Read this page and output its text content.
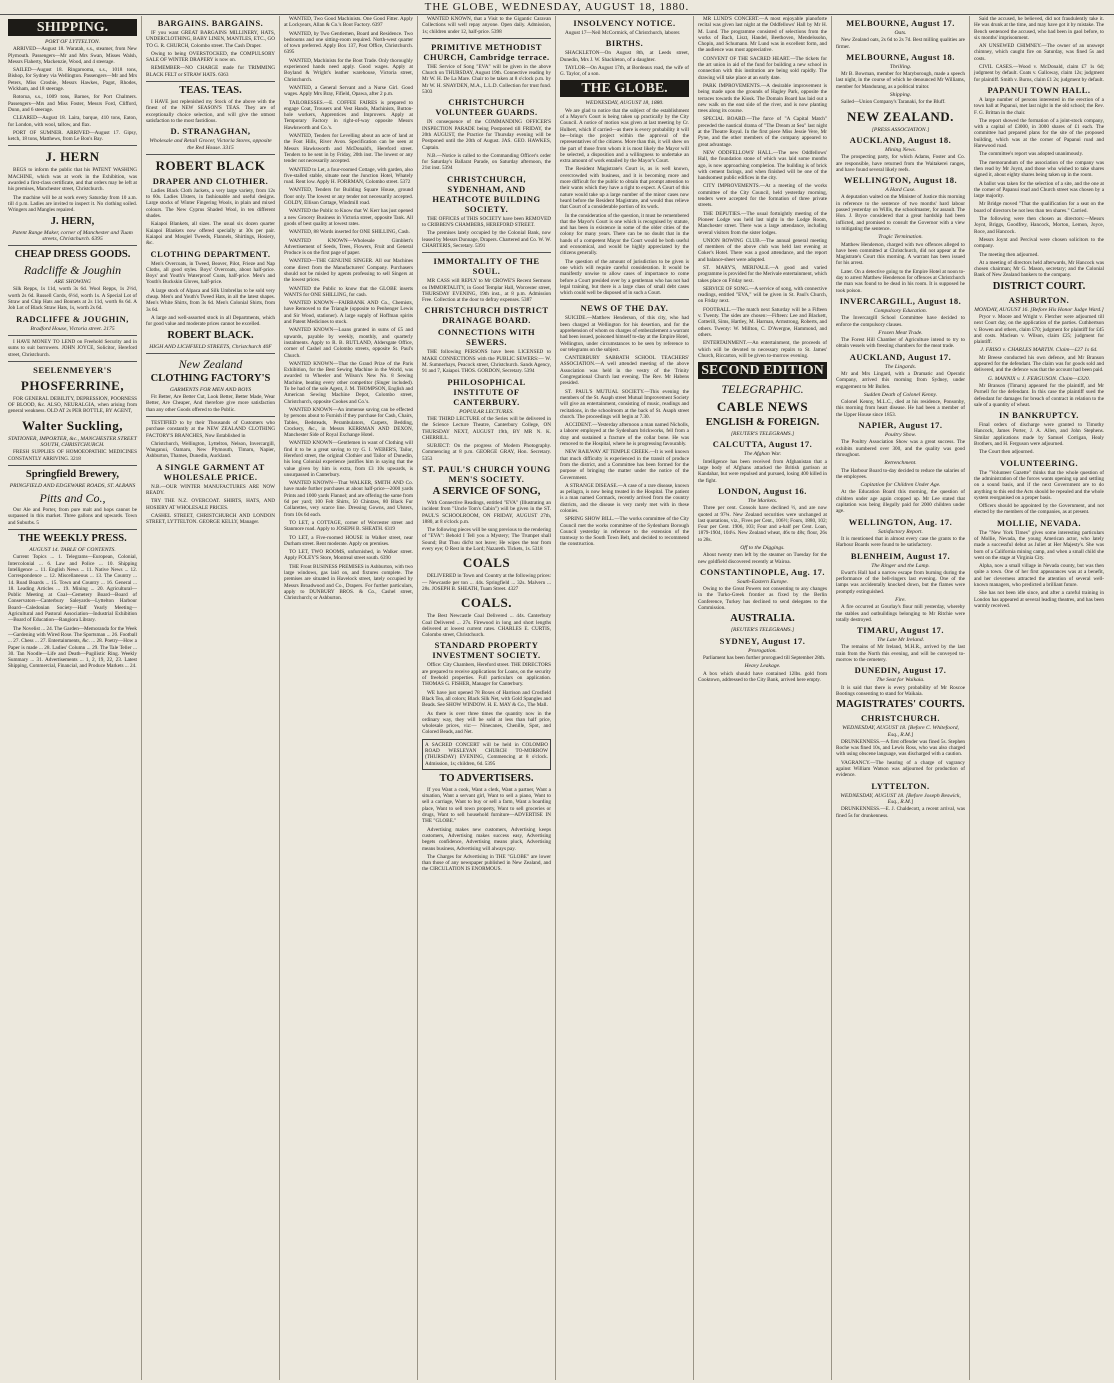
THE GLOBE, WEDNESDAY, AUGUST 18, 1880.
SHIPPING.
PORT OF LYTTELTON.

ARRIVED—August 18. Waratah, s.s., steamer, from New Plymouth. Passengers—Mr and Mrs Swan, Misses Walsh, Messrs Flaherty, Mackenzie, Wood, and 4 steerage.

SAILED—August 18. Ringarooma, s.s., 1018 tons, Bishop, for Sydney via Wellington. Passengers—Mr and Mrs Peters, Miss Crosbie, Messrs Hawkes, Pagot, Rhodes, Wickham, and 18 steerage.

Rotorua, s.s., 1009 tons, Barnes, for Port Chalmers. Passengers—Mrs and Miss Foster, Messrs Ford, Clifford, Dunn, and 6 steerage.

CLEARED—August 18. Laira, barque, 410 tons, Eaton, for London, with wool, tallow, and flax.

PORT OF SUMNER. ARRIVED—August 17. Gipsy, ketch, 18 tons, Matthews, from Le Bon's Bay.

J. HERN

BEGS to inform the public that his PATENT WASHING MACHINE, which was at work in the Exhibition, was awarded a first-class certificate, and that orders may be left at his premises, Manchester street, Christchurch.

The machine will be at work every Saturday from 10 a.m. till 4 p.m. Ladies are invited to inspect it. No clothing soiled. Wringers and Mangles repaired.

J. HERN,
Patent Range Maker, corner of Manchester and Tuam streets, Christchurch. 6395
CHEAP DRESS GOODS.
Radcliffe & Joughin
ARE SHOWING

Silk Repps, 1s 11d, worth 3s 6d. Wool Repps, 1s 2½d, worth 2s 6d. Russell Cords, 6½d, worth 1s. A Special Lot of Straw and Chip Hats and Bonnets at 2s 11d, worth 8s 6d. A Job Lot of Black Straw Hats, 1s, worth 2s 6d.

RADCLIFFE & JOUGHIN,
Bradford House, Victoria street. 2175

I HAVE MONEY TO LEND on Freehold Security and in sums to suit borrowers. JOHN JOYCE, Solicitor, Hereford street, Christchurch.

SEELENMEYER'S
PHOSFERRINE,

FOR GENERAL DEBILITY, DEPRESSION, POORNESS OF BLOOD, &c. ALSO, NEURALGIA, when arising from general weakness. OLD AT 2s PER BOTTLE, BY AGENT,

Walter Suckling,
STATIONER, IMPORTER, &c., MANCHESTER STREET SOUTH, CHRISTCHURCH.

FRESH SUPPLIES OF HOMOEOPATHIC MEDICINES CONSTANTLY ARRIVING. 3218

Springfield Brewery,
PRINGFIELD AND EDGEWARE ROADS, ST. ALBANS
Pitts and Co.,

Our Ale and Porter, from pure malt and hops cannot be surpassed in this market. Three gallons and upwards. Town and Suburbs. 5

THE WEEKLY PRESS.
AUGUST 14. TABLE OF CONTENTS.

Current Topics ... 1. Telegrams—European, Colonial, Intercolonial ... 6. Law and Police ... 10. Shipping Intelligence ... 11. English News ... 11. Native News ... 12. Correspondence ... 12. Miscellaneous ... 13. The Country ... 14. Road Boards ... 15. Town and Country ... 16. General ... 18. Leading Articles ... 19. Mining ... 20. Agricultural—Public Meeting at Coal—Cemetery Board—Board of Conservators—Canterbury Saleyards—Lyttelton Harbour Board—Caledonian Society—Half Yearly Meeting—Agricultural and Pastoral Association—Industrial Exhibition—Board of Education—Rangiora Library.

The Novelist ... 24. The Garden—Memoranda for the Week—Gardening with Wired Rose. The Sportsman ... 26. Football ... 27. Chess ... 27. Entertainments, &c. ... 28. Poetry—How a Paper is made ... 28. Ladies' Column ... 29. The Tale Teller ... 30. Tan Noodle—Life and Death—Pugilistic Ring. Weekly Summary ... 31. Advertisements ... 1, 2, 19, 22, 23. Latest Shipping, Commercial, Financial, and Produce Markets ... 24.

BARGAINS. BARGAINS.

IF you want GREAT BARGAINS MILLINERY, HATS, UNDERCLOTHING, BABY LINEN, MANTLES, ETC., GO TO G. R. CHURCH, Colombo street. The Cash Draper.

Owing to being OVERSTOCKED, the COMPULSORY SALE OF WINTER DRAPERY is now on.

REMEMBER—NO CHARGE made for TRIMMING BLACK FELT or STRAW HATS. 6363

TEAS. TEAS.

I HAVE just replenished my Stock of the above with the finest of the NEW SEASON'S TEAS. They are of exceptionally choice selection, and will give the utmost satisfaction to the most fastidious.

D. STRANAGHAN,
Wholesale and Retail Grocer, Victoria Stores, opposite the Red House. 3315
ROBERT BLACK
DRAPER AND CLOTHIER.

Ladies Black Cloth Jackets, a very large variety, from 12s to 60s. Ladies Ulsters, in fashionable and useful designs. Large stocks of Winter Fingering Wools, in plain and mixed colours. The New Cyprus Shaded Wool, in ten different shades.

Kaiapoi Blankets, all sizes. The usual six dozen quarter Kaiapoi Blankets now offered specially at 30s per pair. Kaiapoi and Mosgiel Tweeds, Flannels, Shirtings, Hosiery, &c.

CLOTHING DEPARTMENT.

Men's Overcoats, in Tweed, Beaver, Pilot, Frieze and Nap Cloths, all good styles. Boys' Overcoats, about half-price. Boys' and Youth's Waterproof Coats, half-price. Men's and Youth's Buckskin Gloves, half-price.

A large stock of Alpaca and Silk Umbrellas to be sold very cheap. Men's and Youth's Tweed Hats, in all the latest shapes. Men's White Shirts, from 3s 6d. Men's Colonial Shirts, from 3s 6d.

A large and well-assorted stock in all Departments, which for good value and moderate prices cannot be excelled.

ROBERT BLACK.
HIGH AND LICHFIELD STREETS, Christchurch 40F
New Zealand
CLOTHING FACTORY'S
GARMENTS FOR MEN AND BOYS

Fit Better, Are Better Cut, Look Better, Better Made, Wear Better, Are Cheaper, And therefore give more satisfaction than any other Goods offered to the Public.

TESTIFIED to by their Thousands of Customers who purchase constantly at the NEW ZEALAND CLOTHING FACTORY'S BRANCHES, Now Established in

Christchurch, Wellington, Lyttelton, Nelson, Invercargill, Wanganui, Oamaru, New Plymouth, Timaru, Napier, Ashburton, Thames, Dunedin, Auckland.

A SINGLE GARMENT AT WHOLESALE PRICE.

N.B.—OUR WINTER MANUFACTURES ARE NOW READY.

TRY THE N.Z. OVERCOAT. SHIRTS, HATS, AND HOSIERY AT WHOLESALE PRICES.

CASHEL STREET, CHRISTCHURCH AND LONDON STREET, LYTTELTON. GEORGE KELLY, Manager.

WANTED, Two Good Machinists. One Good Fitter. Apply at Lockyears, Allan & Co.'s Boot Factory. 6397

WANTED, by Two Gentlemen, Board and Residence. Two bedrooms and one sitting-room required. North-west quarter of town preferred. Apply Box 137, Post Office, Christchurch. 6395

WANTED, Machinists for the Boot Trade. Only thoroughly experienced hands need apply. Good wages. Apply at Boyland & Wright's leather warehouse, Victoria street, Christchurch.

WANTED, a General Servant and a Nurse Girl. Good wages. Apply Mrs Bray, Fifield, Opawa, after 2 p.m.

TAILORESSES.—E. COFFEE FAIRES is prepared to engage Coat, Trousers and Vest Hands, Machinists, Button-hole workers, Apprentices and Improvers. Apply at Temporary Factory in right-of-way opposite Messrs Hawksworth and Co.'s.

WANTED, Tenders for Levelling about an acre of land at the Foot Hills, River Avon. Specification can be seen at Messrs Hawksworth and McDonald's, Hereford street. Tenders to be sent in by Friday, 20th inst. The lowest or any tender not necessarily accepted.

WANTED to Let, a four-roomed Cottage, with garden, also five-stalled stable, situate near the Junction Hotel, Whately road. Rent low. Apply H. FORRMAN, Colombo street. 5372

WANTED, Tenders for Building Square House, ground floor only. The lowest or any tender not necessarily accepted. GOLDY, Ellison Cottage, Windmill road.

WANTED the Public to Know that W. Kerr has just opened a new Grocery Business in Victoria street, opposite Tank. All goods of best quality at lowest rates.

WANTED, 88 Words inserted for ONE SHILLING, Cash.

WANTED KNOWN—Wholesale Gimblett's Advertisement of Seeds, Trees, Flowers, Fruit and General Produce is on the first page of paper.

WANTED—THE GENUINE SINGER. All our Machines come direct from the Manufacturers' Company. Purchasers should not be misled by agents professing to sell Singers at the lowest prices.

WANTED the Public to know that the GLOBE inserts WANTS for ONE SHILLING, for cash.

WANTED KNOWN—FAIRBANK AND Co., Chemists, have Removed to the Triangle (opposite to Penhenger Lewis and Sir Wood, stationer). A large supply of Hoffman spirits and Patent Medicines to stock.

WANTED KNOWN—Loans granted in sums of £5 and upwards, payable by weekly, monthly, and quarterly instalments. Apply to R. B. RUTLAND, Aldersgate Office, corner of Cashel and Colombo streets, opposite St. Paul's Church.

WANTED KNOWN—That the Grand Prize of the Paris Exhibition, for the Best Sewing Machine in the World, was awarded to Wheeler and Wilson's New No. 8 Sewing Machine, beating every other competitor (Singer included). To be had of the sole Agent, J. M. THOMPSON, English and American Sewing Machine Depot, Colombo street, Christchurch, opposite Cookes and Co.'s.

WANTED KNOWN—An immense saving can be effected by persons about to Furnish if they purchase for Cash, Chairs, Tables, Bedsteads, Perambulators, Carpets, Bedding, Crockery, &c., in Messrs KERRMAN AND DEXON, Manchester Side of Royal Exchange Hotel.

WANTED KNOWN—Gentlemen in want of Clothing will find it to be a great saving to try G. I. WEBER'S, Tailor, Hereford street, the original Clothier and Tailor of Dunedin, his long Colonial experience justifies him in saying that the value given by him is extra, from £3 10s upwards, is unsurpassed in Canterbury.

WANTED KNOWN—That WALKER, SMITH AND Co. have made further purchases at about half-price—2000 yards Prints and 1000 yards Flannel; and are offering the same from 6d per yard; 100 Felt Shirts, 50 Chintzes, 80 Black Fur Collarettes, very scarce line. Dressing Gowns, and Ulsters, from 10s 6d each.

TO LET, a COTTAGE, corner of Worcester street and Stanmore road. Apply to JOSEPH B. SHEATH. 6319

TO LET, a Five-roomed HOUSE in Walker street, near Durham street. Rent moderate. Apply on premises.

TO LET, TWO ROOMS, unfurnished, in Walker street. Apply FOLEY'S Store, Montreal street south. 6390

THE Front BUSINESS PREMISES in Ashburton, with two large windows, gas laid on, and fixtures complete. The premises are situated in Havelock street, lately occupied by Messrs Broadwood and Co., Drapers. For further particulars, apply to DUNBURY BROS. & Co., Cashel street, Christchurch; or Ashburton.

WANTED KNOWN, that a Visit to the Gigantic Caravan Collections will well repay anyone. Open daily. Admission, 1s; children under 12, half-price. 5398

PRIMITIVE METHODIST CHURCH, Cambridge terrace.

THE Service of Song "EVA" will be given in the above Church on THURSDAY, August 19th. Connective reading by Mr W. H. De La Mare. Chair to be taken at 8 o'clock p.m. by Mr W. H. SNAYDEN, M.A., L.L.D. Collection for trust fund. 5303

CHRISTCHURCH VOLUNTEER GUARDS.

IN consequence of the COMMANDING OFFICER'S INSPECTION PARADE being Postponed till FRIDAY, the 20th AUGUST, the Practice for Thursday evening will be Postponed until the 20th of August. JAS. GEO. HAWKES, Captain.

N.B.—Notice is called to the Commanding Officer's order for Saturday's Ballarat Parade, on Saturday afternoon, the 21st inst. 5394

CHRISTCHURCH, SYDENHAM, AND HEATHCOTE BUILDING SOCIETY.

THE OFFICES of THIS SOCIETY have been REMOVED to CRIBBEN'S CHAMBERS, HEREFORD STREET.

The premises lately occupied by the Colonial Bank, now leased by Messrs Dunnage, Drapers. Chartered and Co. W. W. CHARTERIS, Secretary. 5391

IMMORTALITY OF THE SOUL.

MR CASS will REPLY to Mr CROWE'S Recent Sermons on IMMORTALITY, in Good Templar Hall, Worcester street, THURSDAY EVENING, 19th inst., at 8 p.m. Admission Free. Collection at the door to defray expenses. 5387

CHRISTCHURCH DISTRICT DRAINAGE BOARD.
CONNECTIONS WITH SEWERS.

THE following PERSONS have been LICENSED to MAKE CONNECTIONS with the PUBLIC SEWERS:— W. M. Sumnerhays, Peacock street, Christchurch. Sands Agency, 91 and 7, Kaiapoi. THOS. GORDON, Secretary. 5394

PHILOSOPHICAL INSTITUTE OF CANTERBURY.
POPULAR LECTURES.

THE THIRD LECTURE of the Series will be delivered in the Science Lecture Theatre, Canterbury College, ON THURSDAY NEXT, AUGUST 19th, BY MR N. K. CHERRILL.

SUBJECT: On the progress of Modern Photography. Commencing at 8 p.m. GEORGE GRAY, Hon. Secretary. 5353

ST. PAUL'S CHURCH YOUNG MEN'S SOCIETY.
A SERVICE OF SONG,

With Connective Readings, entitled "EVA" (Illustrating an incident from "Uncle Tom's Cabin") will be given in the ST. PAUL'S SCHOOLROOM, ON FRIDAY, AUGUST 27th, 1880, at 8 o'clock p.m.

The following pieces will be sung previous to the rendering of "EVA": Behold I Tell you a Mystery; The Trumpet shall Sound; But Thou did'st not leave; He wipes the tear from every eye; O Rest in the Lord; Nazareth. Tickets, 1s. 5318

COALS

DELIVERED in Town and Country at the following prices:— Newcastle per ton ... 44s. Springfield ... 32s. Malvern ... 28s. JOSEPH B. SHEATH, Tuam Street. 4327

COALS.

The Best Newcastle Coal Delivered ... 44s. Canterbury Coal Delivered ... 27s. Firewood in long and short lengths delivered at lowest current rates. CHARLES E. CURTIS, Colombo street, Christchurch.

STANDARD PROPERTY INVESTMENT SOCIETY.

Office: City Chambers, Hereford street. THE DIRECTORS are prepared to receive applications for Loans, on the security of freehold properties. Full particulars on application. THOMAS G. FISHER, Manager for Canterbury.

WE have just opened 78 Boxes of Harrison and Crosfield Black Tea, all colors; Black Silk Net, with Gold Spangles and Beads. See SHOW WINDOW. H. E. MAY & Co., The Mall.

As there is over three times the quantity now in the ordinary way, they will be sold at less than half price, wholesale prices, viz:— Ninecanes, Chenille, Spot, and Colored Beads, and Net.

A SACRED CONCERT will be held in COLOMBO ROAD WESLEYAN CHURCH TO-MORROW (THURSDAY) EVENING, Commencing at 8 o'clock. Admission, 1s; children, 6d. 5395
TO ADVERTISERS.

If you Want a cook, Want a clerk, Want a partner, Want a situation, Want a servant girl, Want to sell a piano, Want to sell a carriage, Want to buy or sell a farm, Want a boarding place, Want to sell town property, Want to sell groceries or drugs, Want to sell household furniture—ADVERTISE IN THE "GLOBE."

Advertising makes new customers, Advertising keeps customers, Advertising makes success easy, Advertising begets confidence, Advertising means pluck, Advertising means business, Advertising will always pay.

The Charges for Advertising in THE "GLOBE" are lower than those of any newspaper published in New Zealand, and the CIRCULATION IS ENORMOUS.

INSOLVENCY NOTICE.

August 17—Neil McCormick, of Christchurch, laborer.

BIRTHS.

SHACKLETON—On August 8th, at Leeds street, Dunedin, Mrs J. W. Shackleton, of a daughter.

TAYLOR—On August 17th, at Bordeaux road, the wife of G. Taylor, of a son.

THE GLOBE.
WEDNESDAY, AUGUST 18, 1880.

We are glad to notice that the subject of the establishment of a Mayor's Court is being taken up practically by the City Council. A notice of motion was given at last meeting by Cr. Hulbert, which if carried—as there is every probability it will be—brings the project within the approval of the representatives of the citizens. More than this, it will shew on the part of those from whom it is most likely the Mayor will be selected, a disposition and a willingness to undertake an extra amount of work entailed by the Mayor's Court.

The Resident Magistrate's Court is, as is well known, overcrowded with business, and it is becoming more and more difficult for the public to obtain that prompt attention to their wants which they have a right to expect. A Court of this nature would take up a large number of the minor cases now heard before the Resident Magistrate, and would thus relieve that Court of a considerable portion of its work.

In the consideration of the question, it must be remembered that the Mayor's Court is one which is recognised by statute, and has been in existence in some of the older cities of the colony for many years. There can be no doubt that in the hands of a competent Mayor the Court would be both useful and economical, and would be highly appreciated by the citizens generally.

The question of the amount of jurisdiction to be given is one which will require careful consideration. It would be manifestly unwise to allow cases of importance to come before a Court presided over by a gentleman who has not had legal training, but there is a large class of small debt cases which could well be disposed of in such a Court.

NEWS OF THE DAY.

SUICIDE.—Matthew Henderson, of this city, who had been charged at Wellington for his desertion, and for the apprehension of whom on charges of embezzlement a warrant had been issued, poisoned himself to-day at the Empire Hotel, Wellington, under circumstances to be seen by reference to our telegrams on the subject.

CANTERBURY SABBATH SCHOOL TEACHERS' ASSOCIATION.—A well attended meeting of the above Association was held in the vestry of the Trinity Congregational Church last evening. The Rev. Mr Habens presided.

ST. PAUL'S MUTUAL SOCIETY.—This evening the members of the St. Asaph street Mutual Improvement Society will give an entertainment, consisting of music, readings and recitations, in the schoolroom at the back of St. Asaph street church. The proceedings will begin at 7.30.

ACCIDENT.—Yesterday afternoon a man named Nicholls, a laborer employed at the Sydenham brickworks, fell from a dray and sustained a fracture of the collar bone. He was removed to the Hospital, where he is progressing favourably.

NEW RAILWAY AT TEMPLE CREEK.—It is well known that much difficulty is experienced in the transit of produce from the district, and a Committee has been formed for the purpose of bringing the matter under the notice of the Government.

A STRANGE DISEASE.—A case of a rare disease, known as pellagra, is now being treated in the Hospital. The patient is a man named Cormack, recently arrived from the country districts, and the disease is very rarely met with in these colonies.

SPRING SHOW BILL.—The works committee of the City Council met the works committee of the Sydenham Borough Council yesterday in reference to the extension of the tramway to the South Town Belt, and decided to recommend the construction.

MR LUND'S CONCERT.—A most enjoyable pianoforte recital was given last night at the Oddfellows' Hall by Mr H. M. Lund. The programme consisted of selections from the works of Bach, Liszt, Handel, Beethoven, Mendelssohn, Chopin, and Schumann. Mr Lund was in excellent form, and the audience was most appreciative.

CONVENT OF THE SACRED HEART.—The tickets for the art union in aid of the fund for building a new school in connection with this institution are being sold rapidly. The drawing will take place at an early date.

PARK IMPROVEMENTS.—A desirable improvement is being made upon the grounds of Hagley Park, opposite the terraces towards the Kiosk. The Domain Board has laid out a new walk on the east side of the river, and is now planting trees along its course.

SPECIAL BOARD.—The farce of "A Capital Match" preceded the nautical drama of "The Dream at Sea" last night at the Theatre Royal. In the first piece Miss Jessie Vere, Mr Pyne, and the other members of the company appeared to great advantage.

NEW ODDFELLOWS' HALL.—The new Oddfellows' Hall, the foundation stone of which was laid some months ago, is now approaching completion. The building is of brick with cement facings, and when finished will be one of the handsomest public edifices in the city.

CITY IMPROVEMENTS.—At a meeting of the works committee of the City Council, held yesterday morning, tenders were accepted for the formation of three private streets.

THE DEPUTIES.—The usual fortnightly meeting of the Pioneer Lodge was held last night in the Lodge Room, Manchester street. There was a large attendance, including several visitors from the sister lodges.

UNION ROWING CLUB.—The annual general meeting of members of the above club was held last evening at Coker's Hotel. There was a good attendance, and the report and balance-sheet were adopted.

ST. MARY'S, MERIVALE.—A good and varied programme is provided for the Merivale entertainment, which takes place on Friday next.

SERVICE OF SONG.—A service of song, with connective readings, entitled "EVA," will be given in St. Paul's Church, on Friday next.

FOOTBALL.—The match next Saturday will be a Fifteen v. Twenty. The sides are chosen:—Fifteen: Lee and Blackett, Cotterill, Sims, Hartley, M. Harman, Armstrong, Roberts, and others. Twenty: W. Millton, C. D'Avergne, Hammond, and others.

ENTERTAINMENT.—An entertainment, the proceeds of which will be devoted to necessary repairs to St. James' Church, Riccarton, will be given to-morrow evening.

SECOND EDITION
TELEGRAPHIC.
CABLE NEWS
ENGLISH & FOREIGN.
[REUTER'S TELEGRAMS.]
CALCUTTA, August 17.
The Afghan War.

Intelligence has been received from Afghanistan that a large body of Afghans attacked the British garrison at Kandahar, but were repulsed and pursued, losing 400 killed in the fight.

LONDON, August 16.
The Markets.

Three per cent. Consols have declined ½, and are now quoted at 97¾. New Zealand securities were unchanged at last quotations, viz., Fives per Cent., 106½; Fours, 1880, 102; Four per Cent. 1906, 103; Four and a-half per Cent. Loan, 1879-1904, 104¼. New Zealand wheat, 46s to 48s; flour, 26s to 28s.

Off to the Diggings.

About twenty men left by the steamer on Tuesday for the new goldfield discovered recently at Wairoa.

CONSTANTINOPLE, Aug. 17.
South-Eastern Europe.

Owing to the Great Powers not consenting to any changes in the Turko-Greek frontier as fixed by the Berlin Conference, Turkey has declined to send delegates to the Commission.

AUSTRALIA.
[REUTER'S TELEGRAMS.]
SYDNEY, August 17.
Prorogation.

Parliament has been further prorogued till September 28th.

Heavy Leakage.

A box which should have contained 12lbs. gold from Cooktown, addressed to the City Bank, arrived here empty.

MELBOURNE, August 17.
Oats.

New Zealand oats, 2s 6d to 2s 7d. Best milling qualities are firmer.

MELBOURNE, August 18.
Thrilling.

Mr B. Bowman, member for Maryborough, made a speech last night, in the course of which he denounced Mr Williams, member for Mandurang, as a political traitor.

Shipping.

Sailed—Union Company's Taranaki, for the Bluff.

NEW ZEALAND.
[PRESS ASSOCIATION.]
AUCKLAND, August 18.
Mining News.

The prospecting party, for which Adams, Foster and Co. are responsible, have returned from the Waitakerei ranges, and have found several likely reefs.

WELLINGTON, August 18.
A Hard Case.

A deputation waited on the Minister of Justice this morning in reference to the sentence of two months' hard labour passed yesterday on Willis, the schoolmaster, for assault. The Hon. J. Bryce considered that a great hardship had been inflicted, and promised to consult the Governor with a view to mitigating the sentence.

Tragic Termination.

Matthew Henderson, charged with two offences alleged to have been committed at Christchurch, did not appear at the Magistrate's Court this morning. A warrant has been issued for his arrest.

Later. On a detective going to the Empire Hotel at noon to-day to arrest Matthew Henderson for offences at Christchurch the man was found to be dead in his room. It is supposed he took poison.

INVERCARGILL, August 18.
Compulsory Education.

The Invercargill School Committee have decided to enforce the compulsory clauses.

Frozen Meat Trade.

The Forest Hill Chamber of Agriculture intend to try to obtain vessels with freezing chambers for the meat trade.

AUCKLAND, August 17.
The Lingards.

Mr and Mrs Lingard, with a Dramatic and Operatic Company, arrived this morning from Sydney, under engagement to Mr Bullen.

Sudden Death of Colonel Kenny.

Colonel Kenny, M.L.C., died at his residence, Ponsonby, this morning from heart disease. He had been a member of the Upper House since 1853.

NAPIER, August 17.
Poultry Show.

The Poultry Association Show was a great success. The exhibits numbered over 300, and the quality was good throughout.

Retrenchment.

The Harbour Board to-day decided to reduce the salaries of the employees.

Capitation for Children Under Age.

At the Education Board this morning, the question of children under age again cropped up. Mr Lee stated that capitation was being illegally paid for 2000 children under age.

WELLINGTON, Aug. 17.
Satisfactory Report.

It is mentioned that in almost every case the grants to the Harbour Boards were found to be satisfactory.

BLENHEIM, August 17.
The Ringer and the Lamp.

Ewart's Hall had a narrow escape from burning during the performance of the bell-ringers last evening. One of the lamps was accidentally knocked down, but the flames were promptly extinguished.

Fire.

A fire occurred at Gourlay's flour mill yesterday, whereby the stables and outbuildings belonging to Mr Ritchie were totally destroyed.

TIMARU, August 17.
The Late Mr Ireland.

The remains of Mr Ireland, M.H.R., arrived by the last train from the North this evening, and will be conveyed to-morrow to the cemetery.

DUNEDIN, August 17.
The Seat for Waikaia.

It is said that there is every probability of Mr Roscoe Bootings consenting to stand for Waikaia.

MAGISTRATES' COURTS.
CHRISTCHURCH.
WEDNESDAY, AUGUST 18. [Before C. Whitefoord, Esq., R.M.]

DRUNKENNESS.—A first offender was fined 5s. Stephen Roche was fined 10s, and Lewis Ross, who was also charged with using obscene language, was discharged with a caution.

VAGRANCY.—The hearing of a charge of vagrancy against William Watson was adjourned for production of evidence.

LYTTELTON.
WEDNESDAY, AUGUST 18. [Before Joseph Beswick, Esq., R.M.]

DRUNKENNESS.—E. J. Chaldecott, a recent arrival, was fined 5s for drunkenness.

Said the accused, he believed, did not fraudulently take it. He was drunk at the time, and may have got it by mistake. The Bench sentenced the accused, who had been in gaol before, to six months' imprisonment.

AN UNSEWED CHIMNEY.—The owner of an unswept chimney, which caught fire on Saturday, was fined 5s and costs.

CIVIL CASES.—Wood v. McDonald, claim £7 1s 6d; judgment by default. Coats v. Galloway, claim 12s; judgment for plaintiff. Smith v. Burns, claim £1 2s; judgment by default.

PAPANUI TOWN HALL.

A large number of persons interested in the erection of a town hall at Papanui, met last night in the old school; the Rev. F. G. Brittan in the chair.

The report showed the formation of a joint-stock company, with a capital of £3000, in 3000 shares of £1 each. The committee had prepared plans for the site of the proposed building, which was at the corner of Papanui road and Harewood road.

The committee's report was adopted unanimously.

The memorandum of the association of the company was then read by Mr Joynt, and those who wished to take shares signed it, about eighty shares being taken up in the room.

A ballot was taken for the selection of a site, and the one at the corner of Papanui road and Church street was chosen by a large majority.

Mr Bridge moved "That the qualification for a seat on the board of directors be not less than ten shares." Carried.

The following were then chosen as directors:—Messrs Joynt, Briggs, Goodfrey, Hancock, Morton, Lemon, Joyce, Roce, and Hancock.

Messrs Joynt and Percival were chosen solicitors to the company.

The meeting then adjourned.

At a meeting of directors held afterwards, Mr Hancock was chosen chairman; Mr G. Mason, secretary; and the Colonial Bank of New Zealand bankers to the company.

DISTRICT COURT.
ASHBURTON.
MONDAY, AUGUST 16. [Before His Honor Judge Ward.]

Pryor v. Moore and Wright v. Fletcher were adjourned till next Court day, on the application of the parties. Cuthbertson v. Bowen and others, claim £70; judgment for plaintiff for £45 and costs. Maclean v. Wilson, claim £25; judgment for plaintiff.

J. FRISO v. CHARLES MARTIN. Claim—£27 1s 6d.

Mr Breese conducted his own defence, and Mr Branson appeared for the defendant. The claim was for goods sold and delivered, and the defence was that the account had been paid.

G. MANNIX v. J. FERGUSON. Claim—£320.

Mr Branson (Timaru) appeared for the plaintiff, and Mr Purnell for the defendant. In this case the plaintiff sued the defendant for damages for breach of contract in relation to the sale of a quantity of wheat.

IN BANKRUPTCY.

Final orders of discharge were granted to Timothy Hancock, James Porter, J. A. Allen, and John Stephens. Similar applications made by Samuel Corrigan, Healy Brothers, and H. Ferguson were adjourned.

The Court then adjourned.

VOLUNTEERING.

The "Volunteer Gazette" thinks that the whole question of the administration of the forces wants opening up and settling on a sound basis, and if the next Government are to do anything to this end the Acts should be repealed and the whole system reorganised on a proper basis.

Officers should be appointed by the Government, and not elected by the members of the companies, as at present.

MOLLIE, NEVADA.

The "New York Times" gives some interesting particulars of Mollie, Nevada, the young American actor, who lately made a successful debut as Juliet at Her Majesty's. She was born of a California mining camp, and when a small child she went on the stage at Virginia City.

Alpha, now a small village in Nevada county, but was then quite a town. One of her first appearances was at a benefit, and her cleverness attracted the attention of several well-known managers, who predicted a brilliant future.

She has not been idle since, and after a careful training in London has appeared at several leading theatres, and has been warmly received.
